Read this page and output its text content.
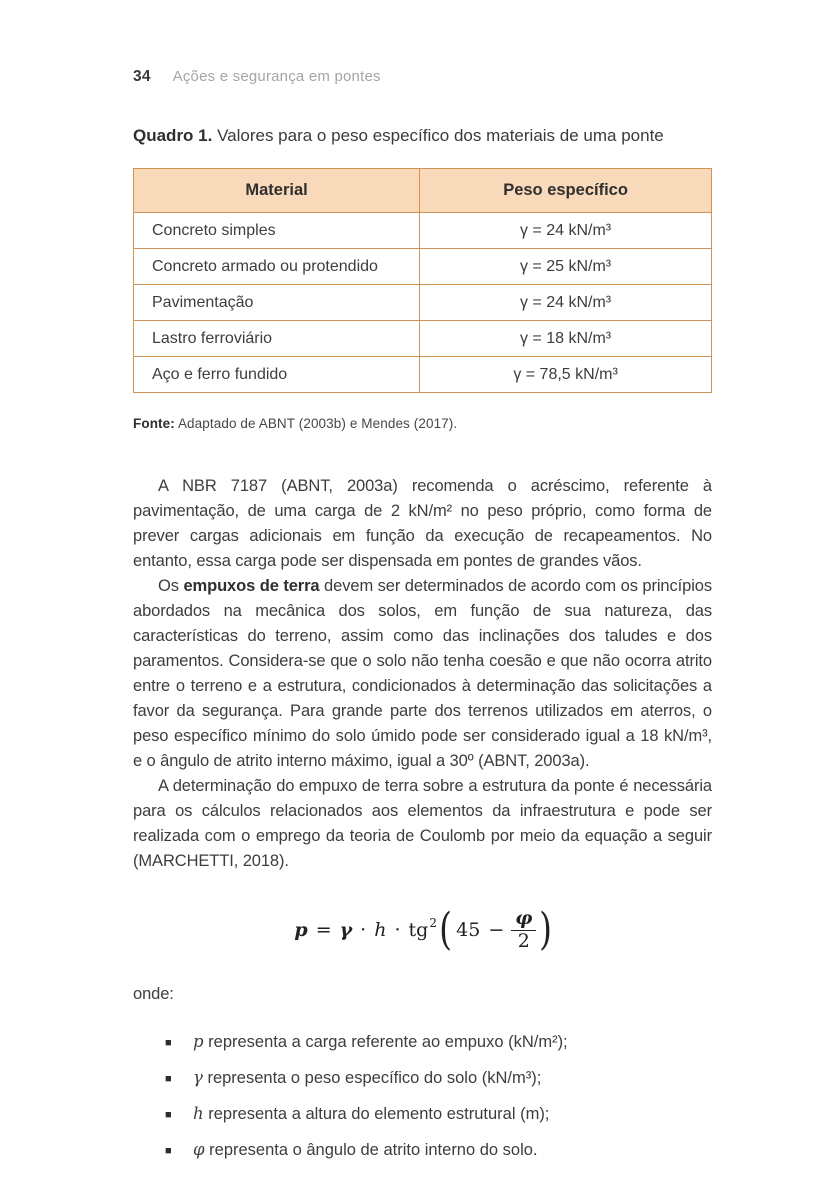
34 Ações e segurança em pontes

Quadro 1. Valores para o peso específico dos materiais de uma ponte

Material	Peso específico
Concreto simples	γ = 24 kN/m³
Concreto armado ou protendido	γ = 25 kN/m³
Pavimentação	γ = 24 kN/m³
Lastro ferroviário	γ = 18 kN/m³
Aço e ferro fundido	γ = 78,5 kN/m³

Fonte: Adaptado de ABNT (2003b) e Mendes (2017).

A NBR 7187 (ABNT, 2003a) recomenda o acréscimo, referente à pavimentação, de uma carga de 2 kN/m² no peso próprio, como forma de prever cargas adicionais em função da execução de recapeamentos. No entanto, essa carga pode ser dispensada em pontes de grandes vãos.

Os empuxos de terra devem ser determinados de acordo com os princípios abordados na mecânica dos solos, em função de sua natureza, das características do terreno, assim como das inclinações dos taludes e dos paramentos. Considera-se que o solo não tenha coesão e que não ocorra atrito entre o terreno e a estrutura, condicionados à determinação das solicitações a favor da segurança. Para grande parte dos terrenos utilizados em aterros, o peso específico mínimo do solo úmido pode ser considerado igual a 18 kN/m³, e o ângulo de atrito interno máximo, igual a 30º (ABNT, 2003a).

A determinação do empuxo de terra sobre a estrutura da ponte é necessária para os cálculos relacionados aos elementos da infraestrutura e pode ser realizada com o emprego da teoria de Coulomb por meio da equação a seguir (MARCHETTI, 2018).

$p = \gamma \cdot h \cdot tg^2$ ( $45 - \frac{\varphi}{2}$ )

onde:

■	p representa a carga referente ao empuxo (kN/m²);
■	γ representa o peso específico do solo (kN/m³);
■	h representa a altura do elemento estrutural (m);
■	φ representa o ângulo de atrito interno do solo.
